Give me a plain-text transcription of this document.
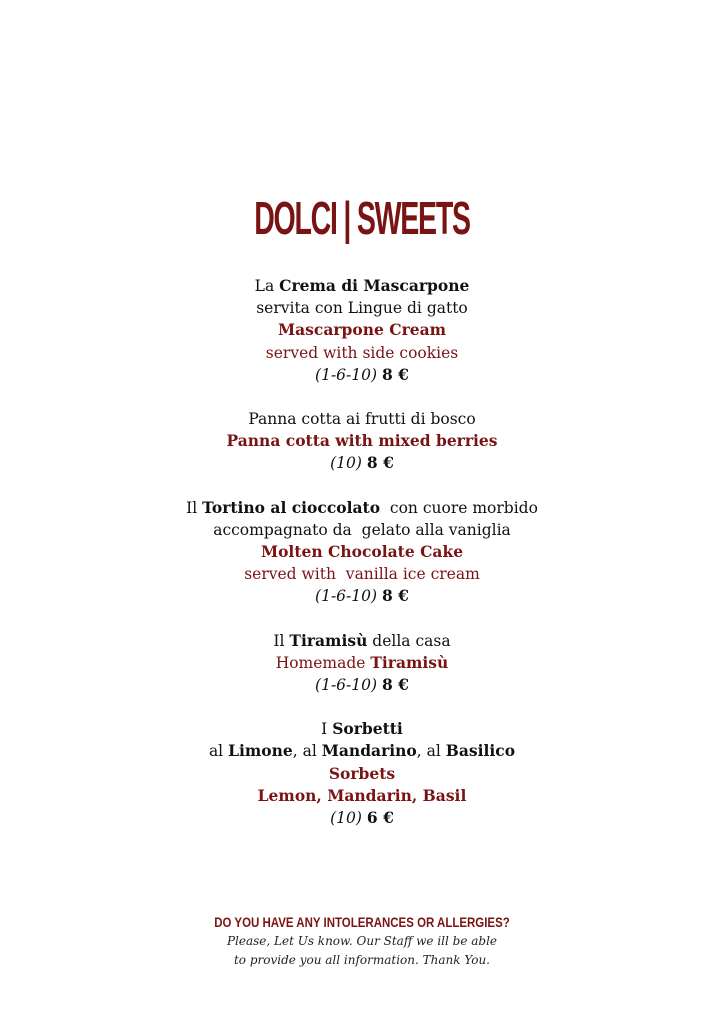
DOLCI | SWEETS
La Crema di Mascarpone
servita con Lingue di gatto
Mascarpone Cream
served with side cookies
(1-6-10) 8 €
Panna cotta ai frutti di bosco
Panna cotta with mixed berries
(10) 8 €
Il Tortino al cioccolato  con cuore morbido
accompagnato da  gelato alla vaniglia
Molten Chocolate Cake
served with  vanilla ice cream
(1-6-10) 8 €
Il Tiramisù della casa
Homemade Tiramisù
(1-6-10) 8 €
I Sorbetti
al Limone, al Mandarino, al Basilico
Sorbets
Lemon, Mandarin, Basil
(10) 6 €
DO YOU HAVE ANY INTOLERANCES OR ALLERGIES?
Please, Let Us know. Our Staff we ill be able
to provide you all information. Thank You.
